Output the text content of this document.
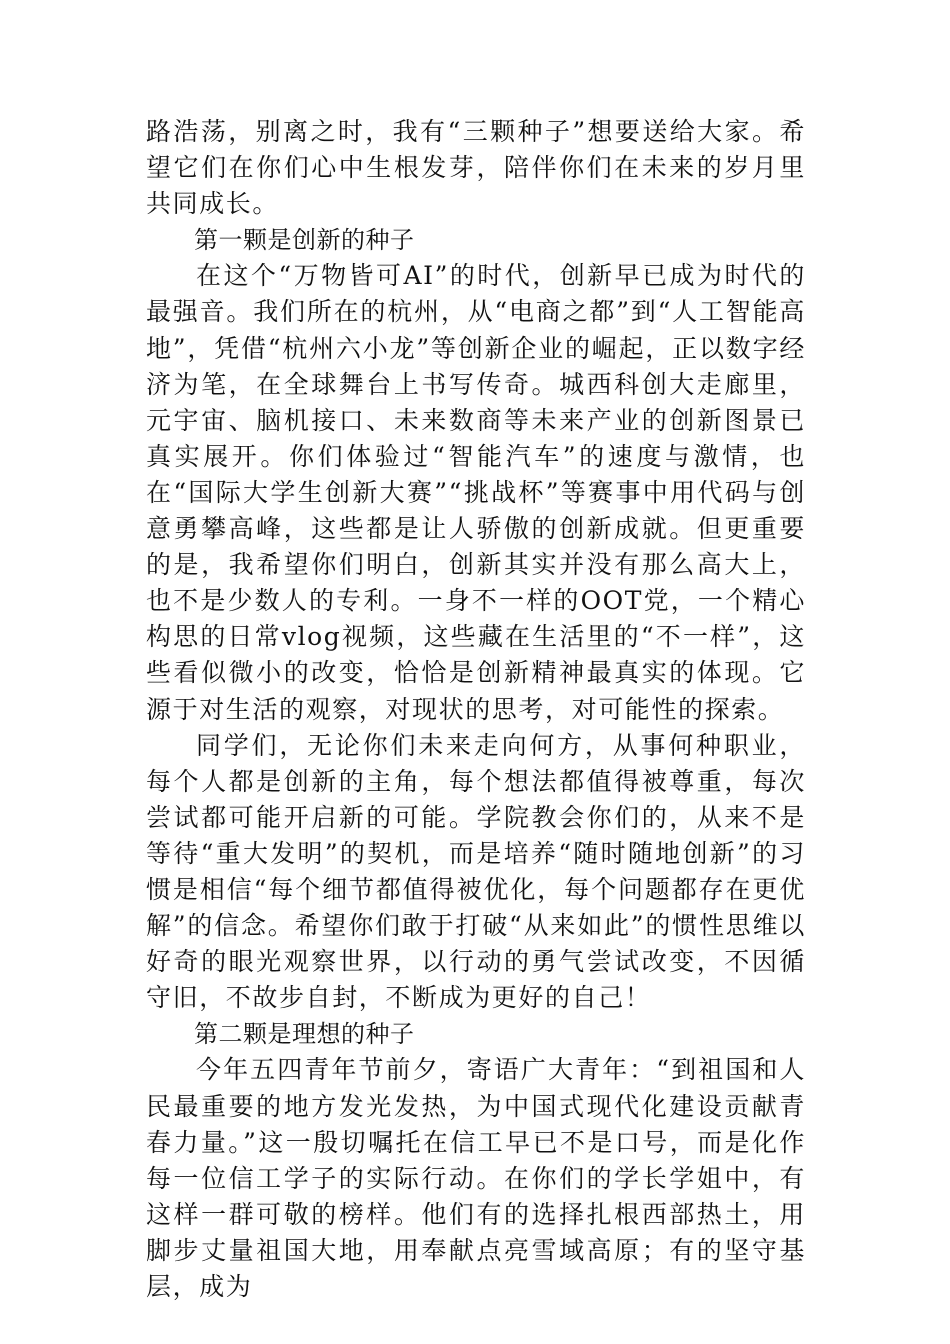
路浩荡，别离之时，我有“三颗种子”想要送给大家。希望它们在你们心中生根发芽，陪伴你们在未来的岁月里共同成长。

第一颗是创新的种子

在这个“万物皆可AI”的时代，创新早已成为时代的最强音。我们所在的杭州，从“电商之都”到“人工智能高地”，凭借“杭州六小龙”等创新企业的崛起，正以数字经济为笔，在全球舞台上书写传奇。城西科创大走廊里，元宇宙、脑机接口、未来数商等未来产业的创新图景已真实展开。你们体验过“智能汽车”的速度与激情，也在“国际大学生创新大赛”“挑战杯”等赛事中用代码与创意勇攀高峰，这些都是让人骄傲的创新成就。但更重要的是，我希望你们明白，创新其实并没有那么高大上，也不是少数人的专利。一身不一样的OOT党，一个精心构思的日常vlog视频，这些藏在生活里的“不一样”，这些看似微小的改变，恰恰是创新精神最真实的体现。它源于对生活的观察，对现状的思考，对可能性的探索。

同学们，无论你们未来走向何方，从事何种职业，每个人都是创新的主角，每个想法都值得被尊重，每次尝试都可能开启新的可能。学院教会你们的，从来不是等待“重大发明”的契机，而是培养“随时随地创新”的习惯是相信“每个细节都值得被优化，每个问题都存在更优解”的信念。希望你们敢于打破“从来如此”的惯性思维以好奇的眼光观察世界，以行动的勇气尝试改变，不因循守旧，不故步自封，不断成为更好的自己！

第二颗是理想的种子

今年五四青年节前夕，寄语广大青年：“到祖国和人民最重要的地方发光发热，为中国式现代化建设贡献青春力量。”这一殷切嘱托在信工早已不是口号，而是化作每一位信工学子的实际行动。在你们的学长学姐中，有这样一群可敬的榜样。他们有的选择扎根西部热土，用脚步丈量祖国大地，用奉献点亮雪域高原；有的坚守基层，成为
